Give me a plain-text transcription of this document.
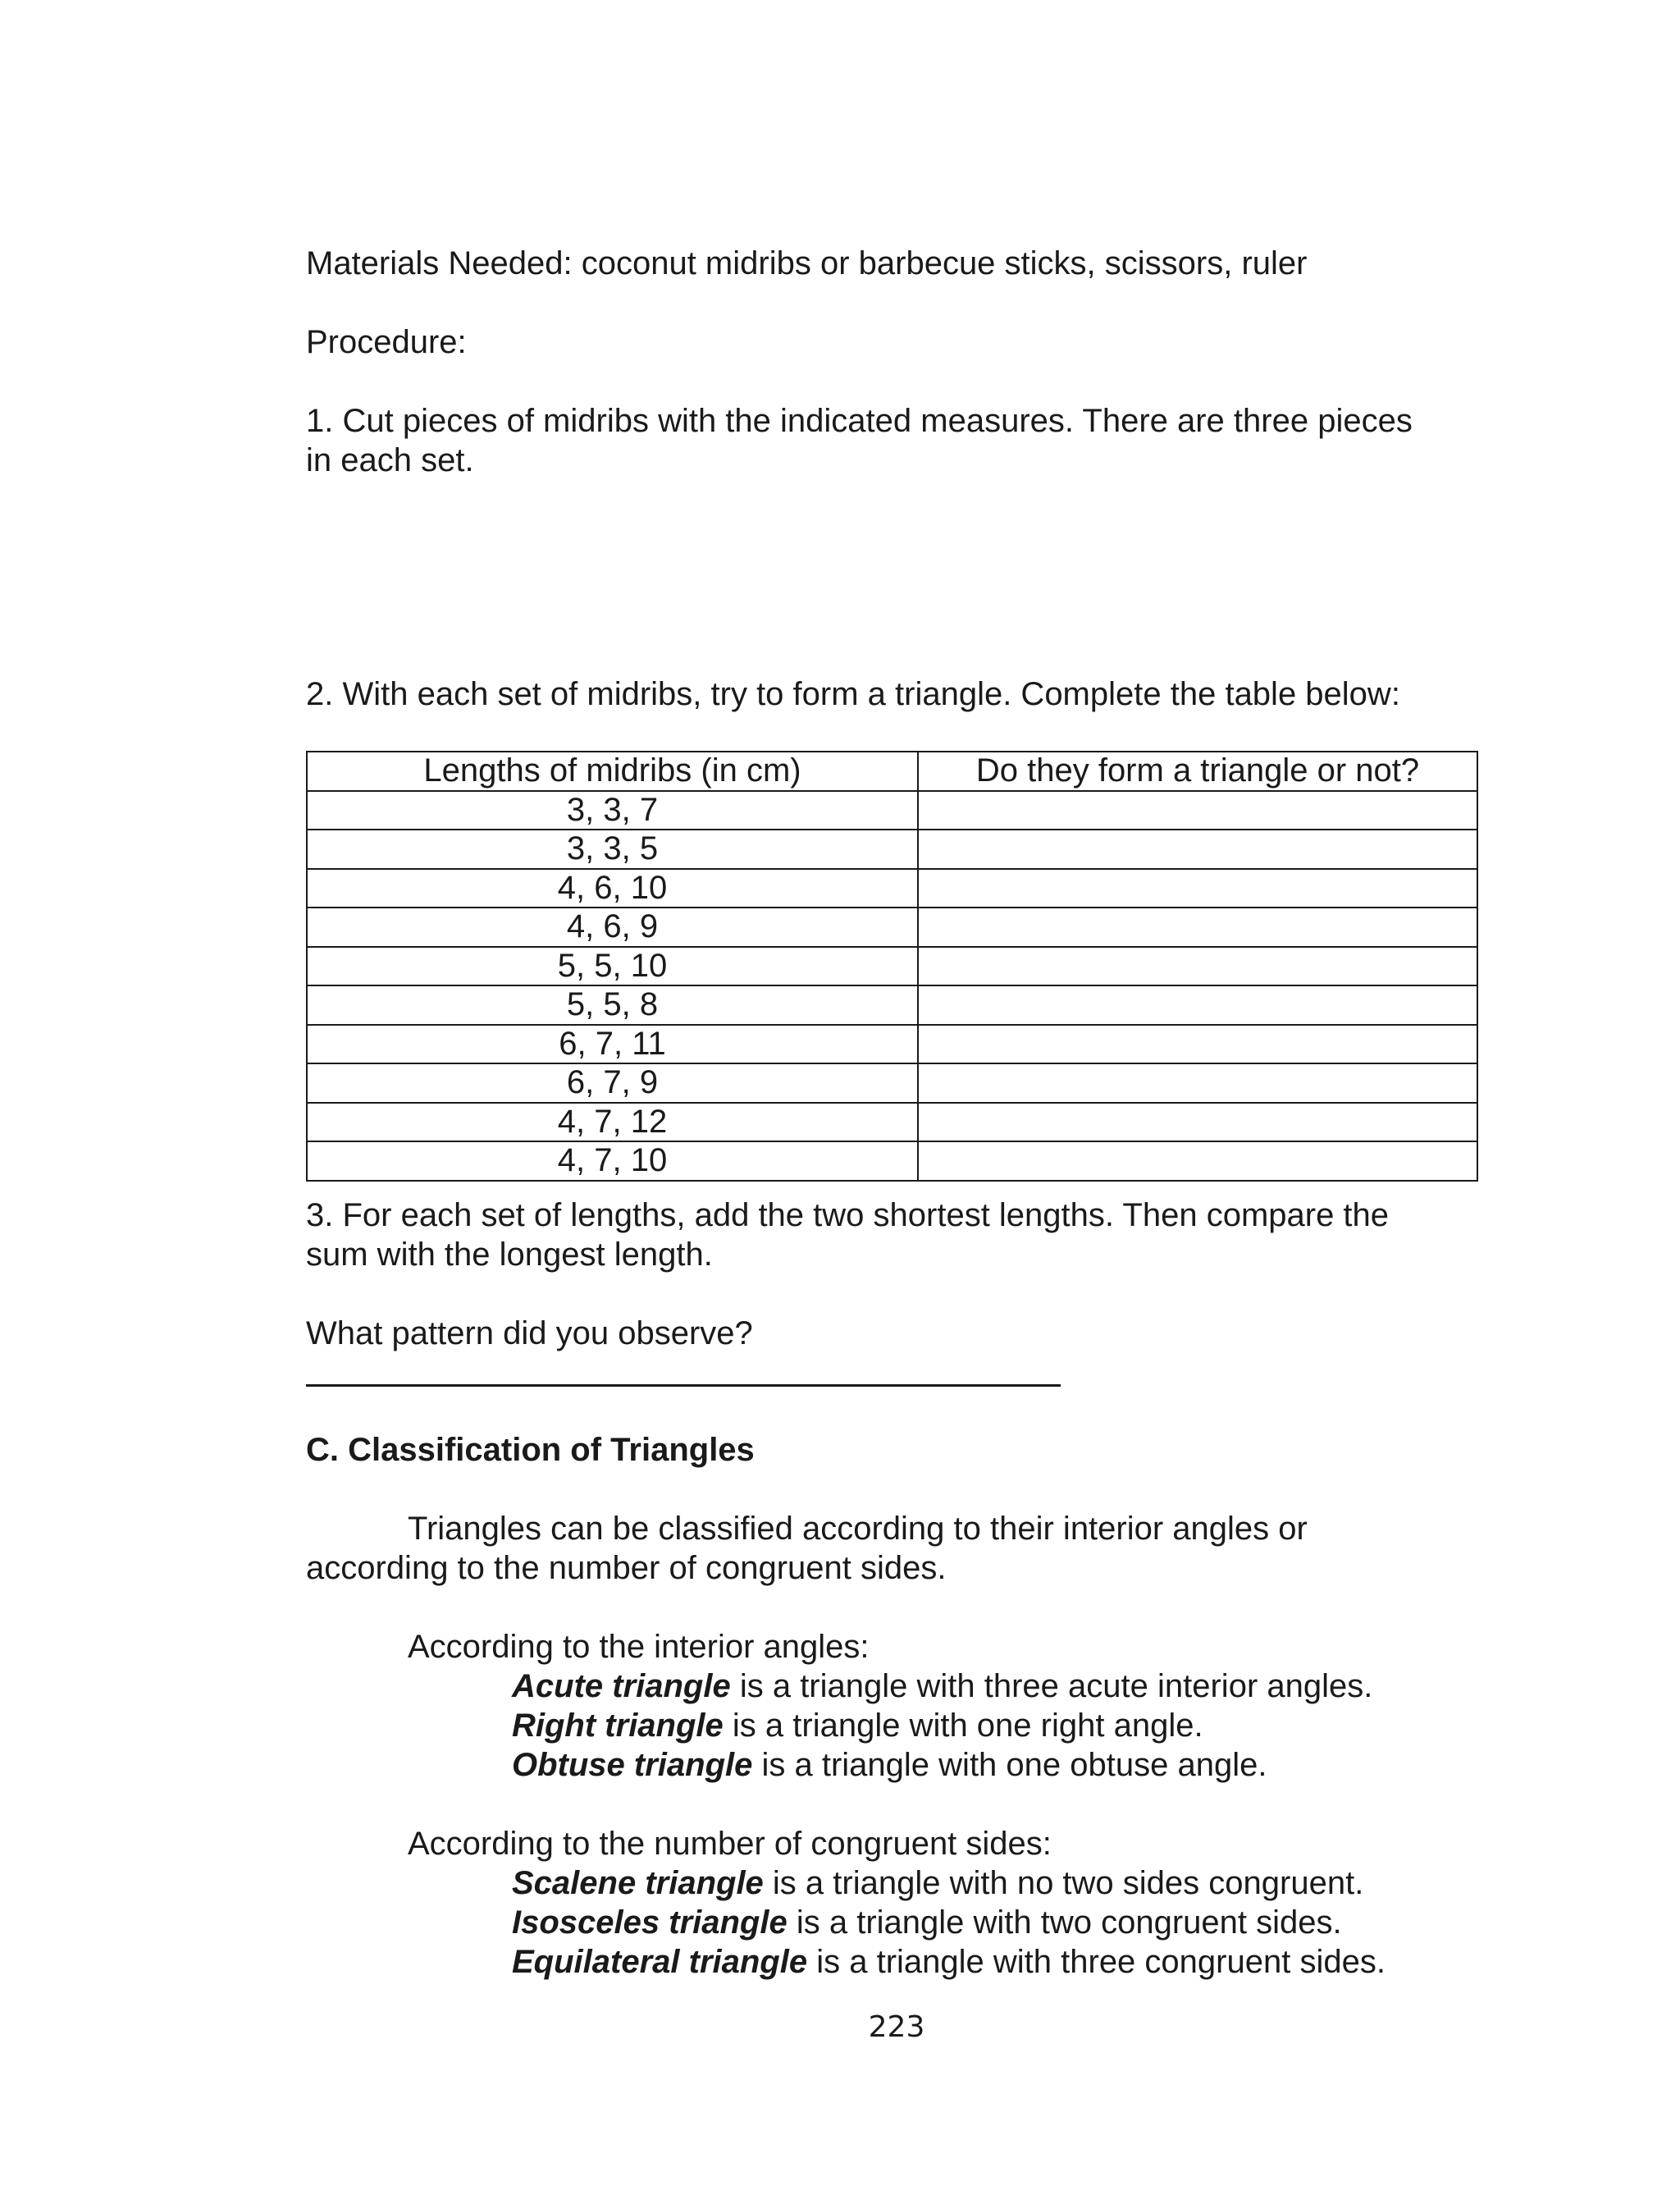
Materials Needed: coconut midribs or barbecue sticks, scissors, ruler
Procedure:
1. Cut pieces of midribs with the indicated measures. There are three pieces
in each set.
2. With each set of midribs, try to form a triangle. Complete the table below:
Lengths of midribs (in cm)	Do they form a triangle or not?
3, 3, 7	
3, 3, 5	
4, 6, 10	
4, 6, 9	
5, 5, 10	
5, 5, 8	
6, 7, 11	
6, 7, 9	
4, 7, 12	
4, 7, 10	
3. For each set of lengths, add the two shortest lengths. Then compare the
sum with the longest length.
What pattern did you observe?
C. Classification of Triangles
Triangles can be classified according to their interior angles or
according to the number of congruent sides.
According to the interior angles:
Acute triangle is a triangle with three acute interior angles.
Right triangle is a triangle with one right angle.
Obtuse triangle is a triangle with one obtuse angle.
According to the number of congruent sides:
Scalene triangle is a triangle with no two sides congruent.
Isosceles triangle is a triangle with two congruent sides.
Equilateral triangle is a triangle with three congruent sides.
223
